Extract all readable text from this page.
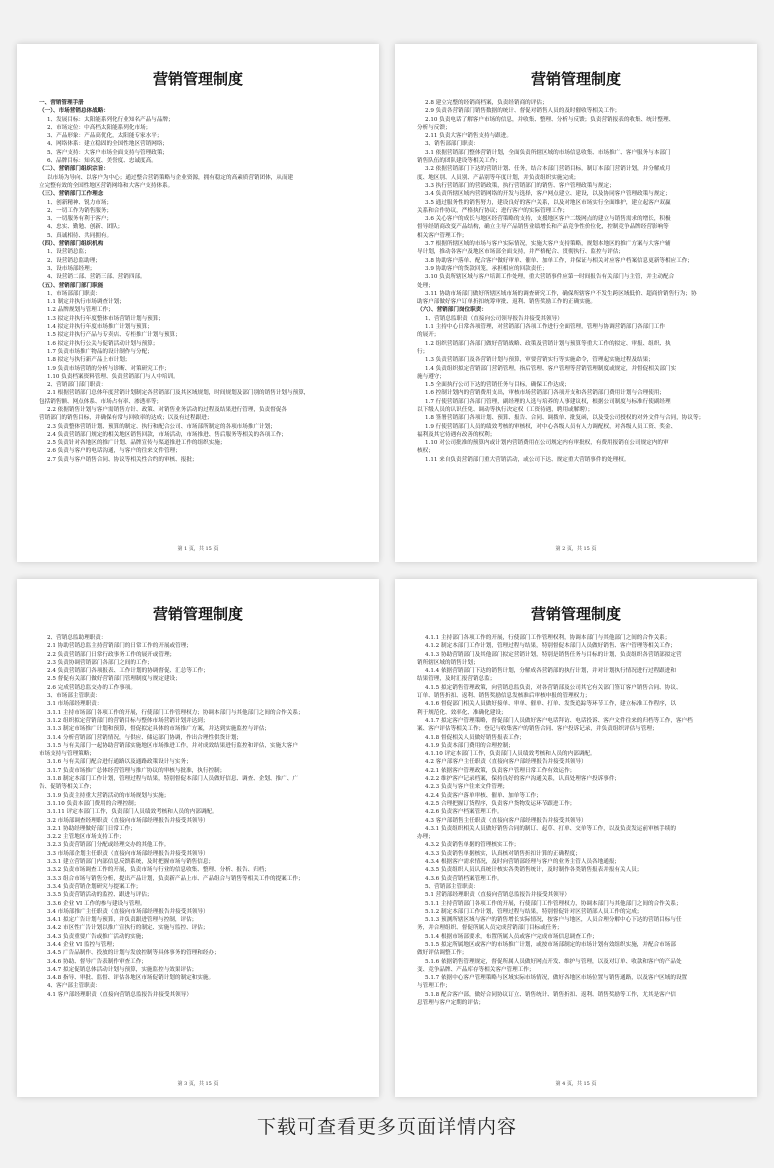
营销管理制度
一、营销管理手册
（一）、市场营销总体战略：
1、发展目标：太阳能系列化行业知名产品与品牌；
2、市场定位：中高档太阳能系列化市场；
3、产品形象：产品高优化，太阳能专家水平；
4、网络体系：建立稳固的全国性地区营销网络；
5、客户支持：大客户市场全面支持与管理政策；
6、品牌目标：知名度、美誉度、忠诚度高。
（二）、营销部门组织宗旨：
以市场为导向、以客户为中心；通过整合营销策略与企业资源，拥有稳定的高素质营销团体，从而建
立完整有效的全国性地区营销网络和大客户支持体系。
（三）、营销部门工作理念
1、创新精神、锐力市场；
2、一切工作为销售服务；
3、一切服务有利于客户；
4、忠实、勤勉、创新、团队；
5、真诚相待、共同拥有。
（四）、营销部门组织机构
1、设营销总监；
2、设营销总监助理；
3、设市场部经理；
4、设营销二部、营销三部、营销四部。
（五）、营销部门部门职能
1、市场部部门职责：
1.1 制定并执行市场调查计划；
1.2 品牌规划与管理工作；
1.3 拟定并执行年度整体市场营销计划与预算；
1.4 拟定并执行年度市场推广计划与预算；
1.5 拟定并执行产品与专卖店、专柜推广计划与预算；
1.6 拟定并执行公关与促销活动计划与预算；
1.7 负责市场推广物品的设计制作与分配；
1.8 拟定与执行新产品上市计划；
1.9 负责市场营销的分析与诊断、对策研究工作；
1.10 负责档案资料管理、负责营销部门与人中培训。
2、营销部门部门职责：
2.1 根据营销部门总体年度营销计划制定各营销部门及其区域规划，时间规划及部门别的销售计划与预算，
包括销售额、网点体系、市场占有率、渗透率等；
2.2 依据销售计划与客户需销售方针、政策、对销售业务活动的过程及结果进行管理，负责督促各
营销部门的销售目标，并确保有常与回收率的达成；以及有过程跟进；
2.3 负责整体营销计划、预算的制定、执行和配合公司、市场部所制定的各项市场推广计划；
2.4 负责营销部门规定的相关地区销售回款，市场活动，市场推进、售后服务等相关的各项工作；
2.5 负责针对各地区的推广计划、品牌宣传与渠道推进工作的组织实施；
2.6 负责与客户的电话沟通，与客户的往来文件管理；
2.7 负责与客户销售合同、协议等相关性合约的审核、报批；
第 1 页，共 15 页
营销管理制度
2.8 建立完整的经销商档案，负责经销商的评估；
2.9 负责各营销部门销售数据的统计、督促对销售人员的及时催收等相关工作；
2.10 负责电话了解客户市场的信息，并收集、整理、分析与反馈；负责营销报表的收集、统计整理、
分析与反馈；
2.11 负责大客户销售支持与跟进。
3、销售部部门职责：
3.1 依据营销部门整体营销计划，全面负责所辖区域的市场信息收集、市场推广、客户服务与本部门
销售队伍的团队建设等相关工作；
3.2 依据营销部门下达的营销计划、任务，结合本部门营销目标，制订本部门营销计划，并分解成月
度、地区别、人员别、产品别等年度计划，并负责组织实施完成；
3.3 执行营销部门的营销政策，执行营销部门的销售、客户管理政策与规定；
3.4 负责所辖区域内营销网络的开发与选择，客户网点建立、建设，以及协同客户管理政策与规定；
3.5 通过服务性的销售努力，建设良好的客户关系，以及对地区市场实行全面维护，建立起客户双赢
关系和合作协议，严格执行协议；进行客户的实际管理工作；
3.6 关心客户的成长与地区经营策略的支持，支援地区客户二级网点的建立与销售需求的增长，积极
督导经销商改变产品结构，确立主导产品销售业绩增长和产品竞争性价位化，控制竞争品牌经营影响等
相关客户管理工作；
3.7 根据所辖区域的市场与客户实际情况，实施大客户支持策略，规划本地区的推广方案与大客户辅
导计划，推动各客户及地区市场部全面支持，并严格配合、贯彻执行、监控与评估；
3.8 协助客户落单、配合客户做好审单、催单、加单工作，并保证与相关对应客户档案信息更新等相应工作；
3.9 协助客户的货款回笼，承担相应的回款责任；
3.10 负责所辖区域与客户培训工作处理，重大营销事件应第一时间报告有关部门与主管，并主动配合
处理；
3.11 协助市场部门做好所辖区域市场的调查研究工作，确保所辖客户不发生跨区域低价、超商价销售行为；协
助客户部做好客户订单折扣统筹审批、返利、销售奖励工作的正确实施。
（六）、营销部门岗位职责：
1、营销总监职责（直接向公司领导报告并接受其领导）
1.1 主持中心日常各项管理，对营销部门各项工作进行全面管理，管理与协调营销部门各部门工作
的展开；
1.2 组织营销部门各部门做好营销战略、政策及营销计划与预算等重大工作的拟定、审报、组织、执
行；
1.3 负责营销部门及各营销计划与预算，审要营销实行等实施命令，管理起实施过程及结果；
1.4 负责组织拟定营销部门营销管理，指后管理、客户管理等营销管理制度或规定，并督促相关部门实
施与遵守；
1.5 全面执行公司下达的营销任务与目标，确保工作达成；
1.6 控制计划内的营销费用支出，审核市场营销部门各项开支和各营销部门费用计划与合理使用；
1.7 行使营销部门各部门管理，副经理的人选与培养的人事建议权，根据公司制度与标准行使副经理
以下级人员的认识任免、调动等执行决定权（工资待遇，聘用或解聘）；
1.8 签署营销部门各项计划、预算、报告、合同、调拨单、批复函，以及受公司授权的对外文件与合同，协议等；
1.9 行使营销部门人员的绩效考核的审核权，对中心各级人员有人力调配权，对各级人员工资、奖金、
福利及其它待遇有改善的权利；
1.10 对公司批准的预算内或计划内营销费用在公司规定内有审批权，有费用报销在公司规定内的审
核权；
1.11 来自负责营销部门重大营销活动，或公司下达、规定重大营销事件的处理权。
第 2 页，共 15 页
营销管理制度
2、营销总监助理职责：
2.1 协助营销总监主持营销部门的日常工作的开展或管理；
2.2 负责营销部门日常行政事务工作的展开或管理；
2.3 负责协调营销部门各部门之间的工作；
2.4 负责营销部门各项报表、工作计划的协调督促、汇总等工作；
2.5 督促有关部门做好营销部门管理制度与规定建设；
2.6 完成营销总监交办的工作事项。
3、市场部主管职责：
3.1 市场部经理职责：
3.1.1 主持市场部门各项工作的开展，行使部门工作管理权力；协调本部门与其他部门之间的合作关系；
3.1.2 组织拟定营销部门的营销目标与整体市场营销计划并达到；
3.1.3 制定市场推广计划和预算，督促拟定具体的市场推广方案，并达到实施监控与评估；
3.1.4 分析营销部门营销情况，与供应、储运部门协调，作出合理性供货计划；
3.1.5 与有关部门一起协助营销部实施地区市场推进工作，并对成效结果进行监控和评估，实施大客户
市场支持与管理策略；
3.1.6 与有关部门配合进行通路以及通路政策设计与实务；
3.1.7 负责市场推广总体经营管理与推广协议的审核与批准，执行控制；
3.1.8 制定本部门工作计划，管理过程与结果，特别督促本部门人员做好信息、调查、企划、推广、广
告、促销等相关工作；
3.1.9 负责主持重大营销活动的市场规划与实施；
3.1.10 负责本部门费用的合理控制；
3.1.11 评定本部门工作，负责部门人员绩效考核和人员的内部调配。
3.2 市场部调查经理职责（直接向市场部经理报告并接受其领导）
3.2.1 协助经理做好部门日常工作；
3.2.2 主管地区市场支持工作；
3.2.3 负责营销部门分配或经理交办的其他工作。
3.3 市场部企划主任职责（直接向市场部经理报告并接受其领导）
3.3.1 建立营销部门内部信息反馈系统，及时把握市场与销售信息；
3.3.2 负责市场调查工作的开展，负责市场与行业的信息收集、整理、分析、报告、归档；
3.3.3 组合市场与销售分析，提出产品计划，负责新产品上市、产品组合与销售等相关工作的提案工作；
3.3.4 负责营销企划研究与提案工作；
3.3.5 负责营销活动的监控、跟进与评估；
3.3.6 企业 VI 工作的参与建设与管理。
3.4 市场部推广主任职责（直接向市场部经理报告并接受其领导）
3.4.1 拟定广告计划与预算，并负责跟进管理与控制，评估；
3.4.2 市区性广告计划以推广宣执行的制定、实施与监控、评估；
3.4.3 负责重要广告或推广活动的实施；
3.4.4 企业 VI 监控与管理；
3.4.5 广告品制作、投放的计划与发放控制等具体事务的管理和经办；
3.4.6 协助、督导广告表制作审查工作；
3.4.7 拟定促销总体活动计划与预算，实施监控与效果评估；
3.4.8 指导、审批、监督、评估各地区市场促销计划的制定和实施。
4、客户部主管职责：
4.1 客户部经理职责（直接向营销总监报告并接受其领导）
第 3 页，共 15 页
营销管理制度
4.1.1 主持部门各项工作的开展，行使部门工作管理权利，协调本部门与其他部门之间的合作关系；
4.1.2 制定本部门工作计划，管理过程与结果，特别督促本部门人员做好销售、客户管理等相关工作；
4.1.3 协助营销部门及其他部门拟定营销计划，特别是销售任务与目标的计划，负责组织各营销部拟定营
销所辖区域的销售计划；
4.1.4 依据营销部门下达的销售计划，分解成各营销部的执行计划，并对计划执行情况进行过程跟进和
结果管理，及时汇报营销总监；
4.1.5 拟定销售管理政策，向营销总监负责，对各营销部及公司其它有关部门签订客户销售合同、协议、
订单、销售折扣、返利、销售奖励信息发核准后审核申报的管理权力；
4.1.6 督促部门相关人员做好接单、审单、催单、打单、发货追踪等环节工作，建立标准工作程序，以
利于规范化、效率化、准确化建设；
4.1.7 拟定客户管理策略，督促部门人员做好客户电话拜访、电话投诉、客户文件往来的归档等工作，客户档
案、客户评估等相关工作；登记与收集客户的销售合同、客户投诉记录，并负责组织评估与管理；
4.1.8 督促相关人员做好销售报表工作；
4.1.9 负责本部门费用的合理控制；
4.1.10 评定本部门工作，负责部门人员绩效考核和人员的内部调配。
4.2 客户部客户主任职责（直接向客户部经理报告并接受其领导）
4.2.1 依据客户管理政策，负责客户管理日常工作有效运作；
4.2.2 维护客户记录档案，保持良好的客户沟通关系，认真处理客户投诉事件；
4.2.3 负责与客户往来文件管理；
4.2.4 负责客户落单审核、催单、加单等工作；
4.2.5 合理把握订货程序，负责客户货物发运环节跟进工作；
4.2.6 负责客户档案管理工作。
4.3 客户部销售主任职责（直接向客户部经理报告并接受其领导）
4.3.1 负责组织相关人员做好销售合同的制订、起草、打单、交单等工作，以及负责发运前审核手续的
办理；
4.3.2 负责销售单据的管理核实工作；
4.3.3 负责销售单据核实，认真核对销售折扣计算的正确程度；
4.3.4 根据客户需求情况，及时向营销部经理与客户的业务主管人员各地通报；
4.3.5 负责组织人员认真统计核实各类销售统计，及时制作各类销售报表并报有关人员；
4.3.6 负责营销档案管理工作。
5、营销部主管职责：
5.1 营销部经理职责（直接向营销总监报告并接受其领导）
5.1.1 主持营销部门各项工作的开展，行使部门工作管理权力，协调本部门与其他部门之间的合作关系；
5.1.2 制定本部门工作计划，管理过程与结果，特别督促针对区营销部人员工作的完成；
5.1.3 预测所辖区域与客户的销售增长实际情况，按客户与地区，人员合理分解中心下达的营销目标与任
务，并合理组织、督促所属人员完成营销部门目标或任务；
5.1.4 根据市场部要求，布置所属人员或客户完成市场信息调查工作；
5.1.5 拟定所属地区或客户的市场推广计划，或按市场部制定的市场计划有效组织实施，并配合市场部
做好评估调整工作；
5.1.6 依据销售管理规定，督促所属人员做好网点开发、维护与管理，以及对订单、收款和客户的产品处
变、竞争品牌、产品库存等相关客户管理工作；
5.1.7 依据中心客户管理策略与区域实际市场情况，做好各地区市场位置与销售通路，以及客户区域的设置
与管理工作；
5.1.8 配合客户部，做好合同协议订立、销售统计、销售折扣、返利、销售奖励等工作，尤其是客户信
息管理与客户定期的评估；
第 4 页，共 15 页
下载可查看更多页面详情内容
